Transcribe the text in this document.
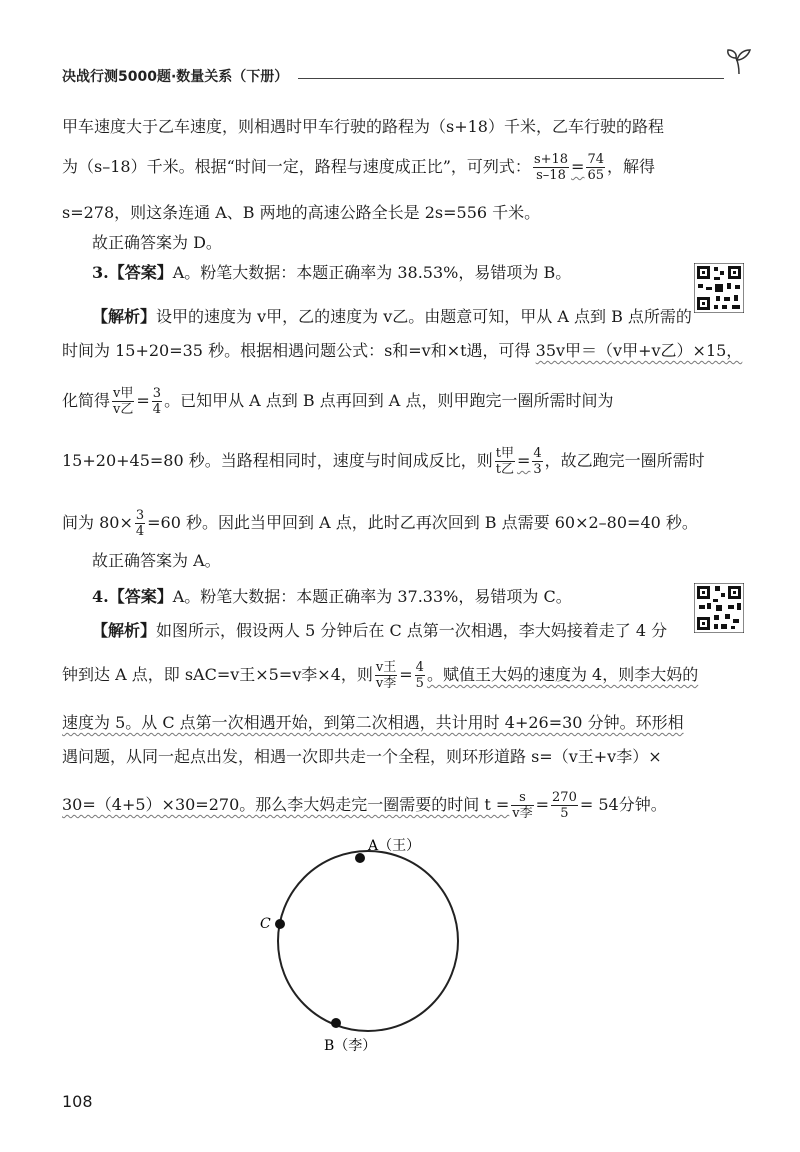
决战行测5000题·数量关系（下册）
甲车速度大于乙车速度，则相遇时甲车行驶的路程为（s+18）千米，乙车行驶的路程
为（s–18）千米。根据“时间一定，路程与速度成正比”，可列式： $\frac{s+18}{s-18} = \frac{74}{65}$ ，解得
s=278，则这条连通 A、B 两地的高速公路全长是 2s=556 千米。
故正确答案为 D。
3.【答案】A。粉笔大数据：本题正确率为 38.53%，易错项为 B。
【解析】设甲的速度为 v甲，乙的速度为 v乙。由题意可知，甲从 A 点到 B 点所需的
时间为 15+20=35 秒。根据相遇问题公式：s和=v和×t遇，可得 35v甲＝（v甲+v乙）×15，
化简得 $\frac{\text{v甲}}{\text{v乙}} = \frac{3}{4}$ 。已知甲从 A 点到 B 点再回到 A 点，则甲跑完一圈所需时间为
15+20+45=80 秒。当路程相同时，速度与时间成反比，则 $\frac{\text{t甲}}{\text{t乙}} = \frac{4}{3}$ ，故乙跑完一圈所需时
间为 $80\times \frac{3}{4} =60$ 秒。因此当甲回到 A 点，此时乙再次回到 B 点需要 60×2–80=40 秒。
故正确答案为 A。
4.【答案】A。粉笔大数据：本题正确率为 37.33%，易错项为 C。
【解析】如图所示，假设两人 5 分钟后在 C 点第一次相遇，李大妈接着走了 4 分
钟到达 A 点，即 sAC=v王×5=v李×4，则 $\frac{\text{v王}}{\text{v李}} = \frac{4}{5}$ 。赋值王大妈的速度为 4，则李大妈的
速度为 5。从 C 点第一次相遇开始，到第二次相遇，共计用时 4+26=30 分钟。环形相
遇问题，从同一起点出发，相遇一次即共走一个全程，则环形道路 s=（v王+v李）×
30=（4+5）×30=270。那么李大妈走完一圈需要的时间 $t = \frac{s}{\text{v李}} = \frac{270}{5} = 54$分钟。
A（王）
C
B（李）
108
